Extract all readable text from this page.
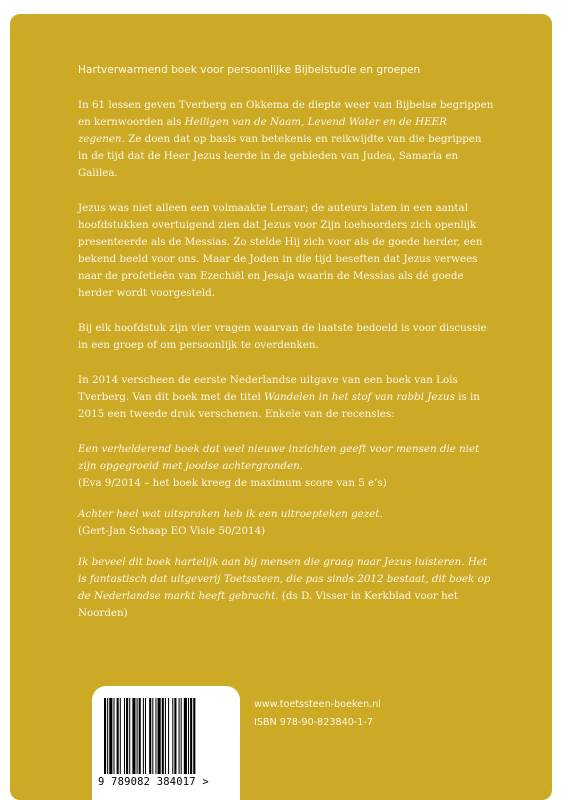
Hartverwarmend boek voor persoonlijke Bijbelstudie en groepen

In 61 lessen geven Tverberg en Okkema de diepte weer van Bijbelse begrippen en kernwoorden als Heiligen van de Naam, Levend Water en de HEER zegenen. Ze doen dat op basis van betekenis en reikwijdte van die begrippen in de tijd dat de Heer Jezus leerde in de gebieden van Judea, Samaria en Galilea.

Jezus was niet alleen een volmaakte Leraar; de auteurs laten in een aantal hoofdstukken overtuigend zien dat Jezus voor Zijn toehoorders zich openlijk presenteerde als de Messias. Zo stelde Hij zich voor als de goede herder, een bekend beeld voor ons. Maar de Joden in die tijd beseften dat Jezus verwees naar de profetieën van Ezechiël en Jesaja waarin de Messias als dé goede herder wordt voorgesteld.

Bij elk hoofdstuk zijn vier vragen waarvan de laatste bedoeld is voor discussie in een groep of om persoonlijk te overdenken.

In 2014 verscheen de eerste Nederlandse uitgave van een boek van Lois Tverberg. Van dit boek met de titel Wandelen in het stof van rabbi Jezus is in 2015 een tweede druk verschenen. Enkele van de recensies:

Een verhelderend boek dat veel nieuwe inzichten geeft voor mensen die niet zijn opgegroeid met joodse achtergronden.
(Eva 9/2014 – het boek kreeg de maximum score van 5 e’s)
Achter heel wat uitspraken heb ik een uitroepteken gezet.
(Gert-Jan Schaap EO Visie 50/2014)
Ik beveel dit boek hartelijk aan bij mensen die graag naar Jezus luisteren. Het is fantastisch dat uitgeverij Toetssteen, die pas sinds 2012 bestaat, dit boek op de Nederlandse markt heeft gebracht. (ds D. Visser in Kerkblad voor het Noorden)
www.toetssteen-boeken.nl
ISBN 978-90-823840-1-7
9 789082 384017 >
